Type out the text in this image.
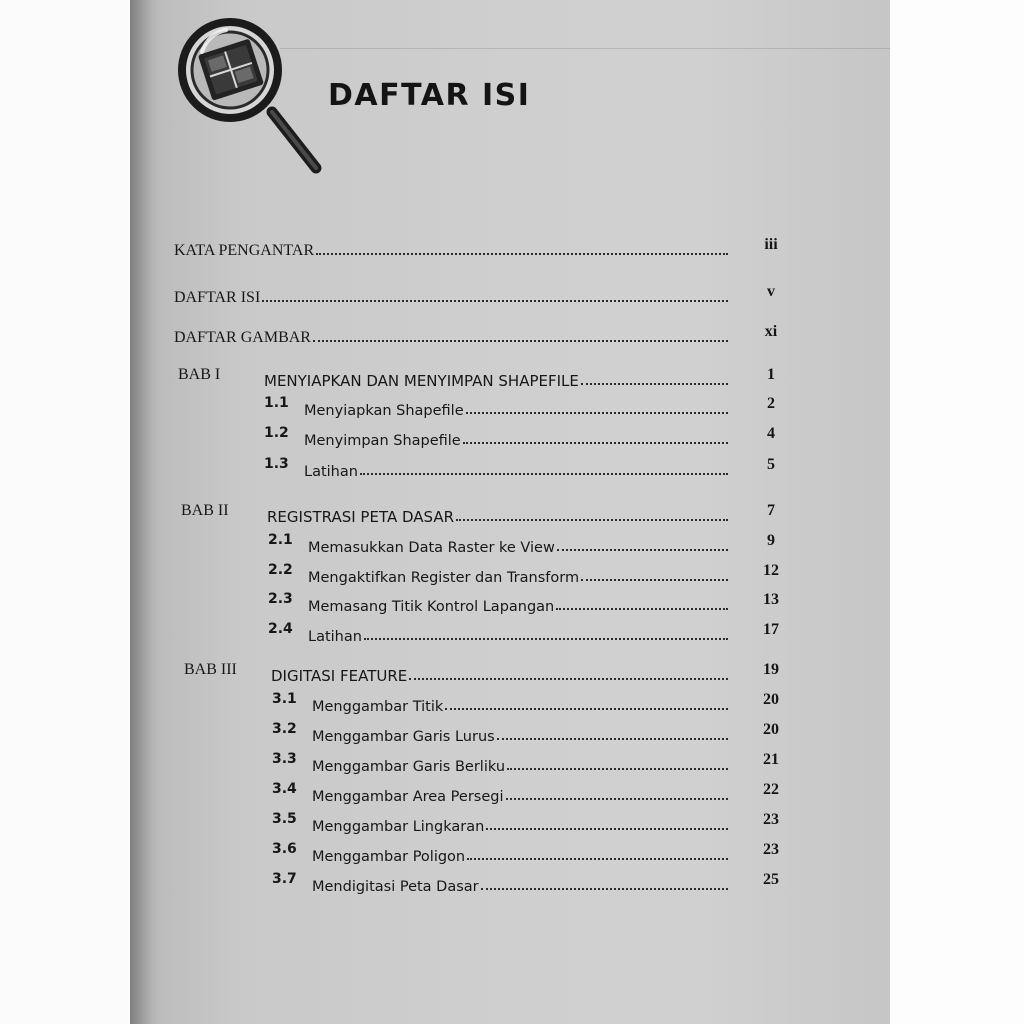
DAFTAR ISI
KATA PENGANTAR	iii
DAFTAR ISI	v
DAFTAR GAMBAR	xi
BAB I	MENYIAPKAN DAN MENYIMPAN SHAPEFILE	1
1.1 Menyiapkan Shapefile	2
1.2 Menyimpan Shapefile	4
1.3 Latihan	5
BAB II	REGISTRASI PETA DASAR	7
2.1 Memasukkan Data Raster ke View	9
2.2 Mengaktifkan Register dan Transform	12
2.3 Memasang Titik Kontrol Lapangan	13
2.4 Latihan	17
BAB III DIGITASI FEATURE	19
3.1 Menggambar Titik	20
3.2 Menggambar Garis Lurus	20
3.3 Menggambar Garis Berliku	21
3.4 Menggambar Area Persegi	22
3.5 Menggambar Lingkaran	23
3.6 Menggambar Poligon	23
3.7 Mendigitasi Peta Dasar	25
